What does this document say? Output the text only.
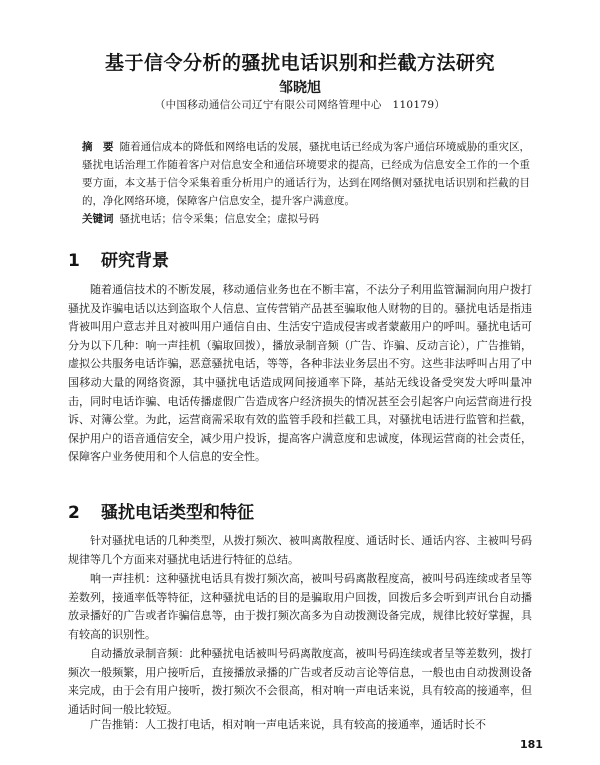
基于信令分析的骚扰电话识别和拦截方法研究
邹晓旭
（中国移动通信公司辽宁有限公司网络管理中心　110179）
摘　要 随着通信成本的降低和网络电话的发展，骚扰电话已经成为客户通信环境威胁的重灾区，骚扰电话治理工作随着客户对信息安全和通信环境要求的提高，已经成为信息安全工作的一个重要方面，本文基于信令采集着重分析用户的通话行为，达到在网络侧对骚扰电话识别和拦截的目的，净化网络环境，保障客户信息安全，提升客户满意度。
关键词 骚扰电话；信令采集；信息安全；虚拟号码
1 研究背景

随着通信技术的不断发展，移动通信业务也在不断丰富，不法分子利用监管漏洞向用户拨打骚扰及诈骗电话以达到盗取个人信息、宣传营销产品甚至骗取他人财物的目的。骚扰电话是指违背被叫用户意志并且对被叫用户通信自由、生活安宁造成侵害或者蒙蔽用户的呼叫。骚扰电话可分为以下几种：响一声挂机（骗取回拨），播放录制音频（广告、诈骗、反动言论），广告推销，虚拟公共服务电话诈骗，恶意骚扰电话，等等，各种非法业务层出不穷。这些非法呼叫占用了中国移动大量的网络资源，其中骚扰电话造成网间接通率下降，基站无线设备受突发大呼叫量冲击，同时电话诈骗、电话传播虚假广告造成客户经济损失的情况甚至会引起客户向运营商进行投诉、对簿公堂。为此，运营商需采取有效的监管手段和拦截工具，对骚扰电话进行监管和拦截，保护用户的语音通信安全，减少用户投诉，提高客户满意度和忠诚度，体现运营商的社会责任，保障客户业务使用和个人信息的安全性。

2 骚扰电话类型和特征

针对骚扰电话的几种类型，从拨打频次、被叫离散程度、通话时长、通话内容、主被叫号码规律等几个方面来对骚扰电话进行特征的总结。

响一声挂机：这种骚扰电话具有拨打频次高，被叫号码离散程度高，被叫号码连续或者呈等差数列，接通率低等特征，这种骚扰电话的目的是骗取用户回拨，回拨后多会听到声讯台自动播放录播好的广告或者诈骗信息等，由于拨打频次高多为自动拨测设备完成，规律比较好掌握，具有较高的识别性。

自动播放录制音频：此种骚扰电话被叫号码离散度高，被叫号码连续或者呈等差数列，拨打频次一般频繁，用户接听后，直接播放录播的广告或者反动言论等信息，一般也由自动拨测设备来完成，由于会有用户接听，拨打频次不会很高，相对响一声电话来说，具有较高的接通率，但通话时间一般比较短。

广告推销：人工拨打电话，相对响一声电话来说，具有较高的接通率，通话时长不

181
